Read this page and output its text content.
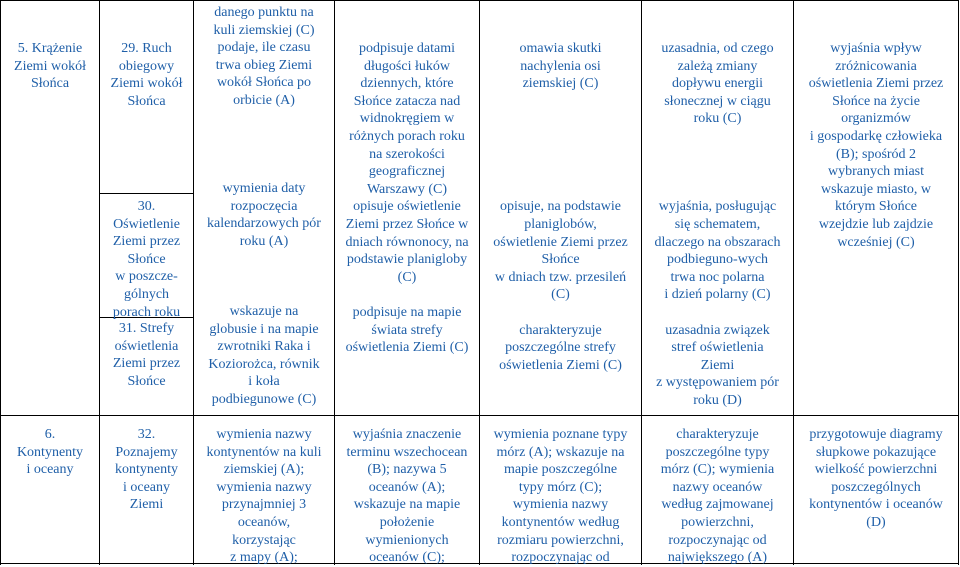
5. Krążenie
Ziemi wokół
Słońca
6.
Kontynenty
i oceany
29. Ruch
obiegowy
Ziemi wokół
Słońca
30.
Oświetlenie
Ziemi przez
Słońce
w poszcze-
gólnych
porach roku
31. Strefy
oświetlenia
Ziemi przez
Słońce
32.
Poznajemy
kontynenty
i oceany
Ziemi
danego punktu na
kuli ziemskiej (C)
podaje, ile czasu
trwa obieg Ziemi
wokół Słońca po
orbicie (A)

wymienia daty
rozpoczęcia
kalendarzowych pór
roku (A)

wskazuje na
globusie i na mapie
zwrotniki Raka i
Koziorożca, równik
i koła
podbiegunowe (C)
wymienia nazwy
kontynentów na kuli
ziemskiej (A);
wymienia nazwy
przynajmniej 3
oceanów,
korzystając
z mapy (A);
podpisuje datami
długości łuków
dziennych, które
Słońce zatacza nad
widnokręgiem w
różnych porach roku
na szerokości
geograficznej
Warszawy (C)
opisuje oświetlenie
Ziemi przez Słońce w
dniach równonocy, na
podstawie planigloby
(C)

podpisuje na mapie
świata strefy
oświetlenia Ziemi (C)
wyjaśnia znaczenie
terminu wszechocean
(B); nazywa 5
oceanów (A);
wskazuje na mapie
położenie
wymienionych
oceanów (C);
omawia skutki
nachylenia osi
ziemskiej (C)

opisuje, na podstawie
planiglobów,
oświetlenie Ziemi przez
Słońce
w dniach tzw. przesileń
(C)

charakteryzuje
poszczególne strefy
oświetlenia Ziemi (C)
wymienia poznane typy
mórz (A); wskazuje na
mapie poszczególne
typy mórz (C);
wymienia nazwy
kontynentów według
rozmiaru powierzchni,
rozpoczynając od
uzasadnia, od czego
zależą zmiany
dopływu energii
słonecznej w ciągu
roku (C)

wyjaśnia, posługując
się schematem,
dlaczego na obszarach
podbieguno-wych
trwa noc polarna
i dzień polarny (C)

uzasadnia związek
stref oświetlenia
Ziemi
z występowaniem pór
roku (D)
charakteryzuje
poszczególne typy
mórz (C); wymienia
nazwy oceanów
według zajmowanej
powierzchni,
rozpoczynając od
największego (A)
wyjaśnia wpływ
zróżnicowania
oświetlenia Ziemi przez
Słońce na życie
organizmów
i gospodarkę człowieka
(B); spośród 2
wybranych miast
wskazuje miasto, w
którym Słońce
wzejdzie lub zajdzie
wcześniej (C)
przygotowuje diagramy
słupkowe pokazujące
wielkość powierzchni
poszczególnych
kontynentów i oceanów
(D)
